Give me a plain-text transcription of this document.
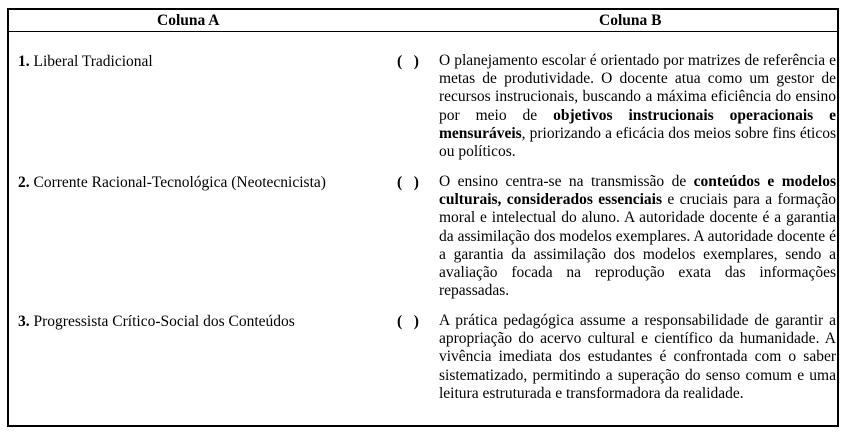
Coluna A	Coluna B
1. Liberal Tradicional	(   ) O planejamento escolar é orientado por matrizes de referência e metas de produtividade. O docente atua como um gestor de recursos instrucionais, buscando a máxima eficiência do ensino por meio de objetivos instrucionais operacionais e mensuráveis, priorizando a eficácia dos meios sobre fins éticos ou políticos.
2. Corrente Racional-Tecnológica (Neotecnicista)	(   ) O ensino centra-se na transmissão de conteúdos e modelos culturais, considerados essenciais e cruciais para a formação moral e intelectual do aluno. A autoridade docente é a garantia da assimilação dos modelos exemplares. A autoridade docente é a garantia da assimilação dos modelos exemplares, sendo a avaliação focada na reprodução exata das informações repassadas.
3. Progressista Crítico-Social dos Conteúdos	(   ) A prática pedagógica assume a responsabilidade de garantir a apropriação do acervo cultural e científico da humanidade. A vivência imediata dos estudantes é confrontada com o saber sistematizado, permitindo a superação do senso comum e uma leitura estruturada e transformadora da realidade.
